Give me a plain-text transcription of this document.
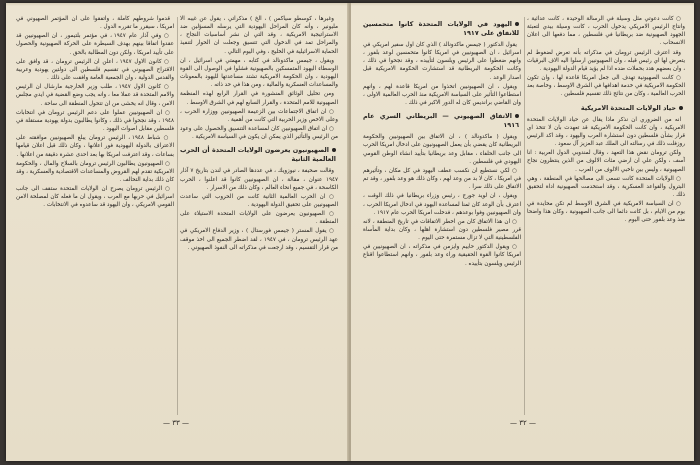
وغيرها ، كوسطو سياكس ) ، الخ ) مذكراتي ، يقول عن غيبه الا مليونير ، وأنه كان المراحل اليهودية التي يرسله المسؤلين ضد الاستراتيجية الامريكية ، وقد التي ان نشر أساسيات النجاح ، والمراحل تمد في الدخول التي تتسيق وجعلت ان الحوار لتنفيذ الحماية الاسرائيلية في الخليج ، وفي اليوم التالي .

ويقول ، جيمس ماكدونالد في كتابه ، مهمتي في اسرائيل ، ان الوسطاء اليهود المتمسكين بالصهيونية فشلوا في الوصول الى القوة اليهودية ، وان الحكومة الامريكية تشتد مساعدتها لليهود بالمعونات والمساعدات العسكرية والمالية ، ومن هذا في حد ذاته .

ومن تحليل الوثائق المنشورة في القرار الرابع لهذه المنظمة الصهيونية للامم المتحدة ، والقرار السابع لهم في الشرق الاوسط .

○ ان اتفاق الاجتماعات بين الزعيمة الصهيونيين ووزارة الحرب ، وعلى الاخص وزير الحربية التي كانت من أهمية .

○ ان اتفاق الصهيونيين كان لمساعدة التنسيق والحصول على وعود من الرئيس والتأثير الذي يمكن ان يكون في السياسة الامريكية .

الصهيونيون يعرضون الولايات المتحدة أن الحرب العالمية الثانية

وقالت صحيفة ، نيوزويك ، في عددها الصادر في لندن بتاريخ ٧ آذار ١٩٤٧ عنوان ، مقالة ، ان الصهيونيين كانوا قد اعلنوا ، الحرب الكاسحة ، في جميع انحاء العالم ، وكان ذلك من الاسرار .

○ ان الحرب العالمية الثانية كانت من الحروب التي ساعدت الصهيونيين على تحقيق الدولة اليهودية .

○ الصهيونيون يعرضون على الولايات المتحدة الاستيلاء على المنطقة .

○ يقول المستر ( جيمس فورستال ) ، وزير الدفاع الامريكي في عهد الرئيس ترومان ، في ١٩٤٧ ، لقد اضطر الجميع الى اخذ موقف من قرار التقسيم ، وقد ارجعت في مذكراته الى النفوذ الصهيوني .

قدموا شروطهم كاملة ، واتفقوا على ان المؤتمر الصهيوني في امريكا ، سيقرر ما تقرره الدول .

○ وفي آذار عام ١٩٤٧ ، في مؤتمر بلتيمور ، ان الصهيونيين قد عقدوا اتفاقا بينهم بهدف السيطرة على الحركة الصهيونية والحصول على تأييد امريكا ، ولكن دون المطالبة بالحق .

○ كانون الاول ١٩٤٧ ، اعلن ان الرئيس ترومان ، قد وافق على الاقتراح الصهيوني في تقسيم فلسطين الى دولتين يهودية وعربية والقدس الدولية ، وان الجمعية العامة وافقت على ذلك .

○ كانون الاول ١٩٤٧ ، طلب وزير الخارجية مارشال ان الرئيس والامم المتحدة قد عملا معا ، وانه يجب وضع القضية في ايدي مجلس الامن ، وقال انه يخشى من ان تتحول المنطقة الى ساحة .

○ ان الصهيونيين عملوا على دعم الرئيس ترومان في انتخابات ١٩٤٨ ، وقد نجحوا في ذلك ، وكانوا يطالبون بدولة يهودية مستقلة في فلسطين مقابل اصوات اليهود .

○ شباط ١٩٤٨ ، الرئيس ترومان يبلغ الصهيونيين موافقته على الاعتراف بالدولة اليهودية فور اعلانها ، وكان ذلك قبل اعلان قيامها بساعات ، وقد اعترفت امريكا بها بعد احدى عشرة دقيقة من اعلانها .

○ الصهيونيون يطالبون الرئيس ترومان بالسلاح والمال ، والحكومة الامريكية تقدم لهم القروض والمساعدات الاقتصادية والعسكرية ، وقد كان ذلك بداية التحالف .

○ الرئيس ترومان يصرح ان الولايات المتحدة ستقف الى جانب اسرائيل في حربها مع العرب ، ويقول ان ما فعله كان لمصلحة الامن القومي الامريكي ، وان اليهود قد ساعدوه في الانتخابات .

— ٣٣ —

○ كانت دعوتي مثل وسيلة في الرسالة الوحيدة ، كانت عدائية ، وانتاج الرئيس الامريكي يدخول الحرب ، كانت وسيلة بيدي لتعبئة الجهود الصهيونية ضد بريطانيا في فلسطين ، مما دفعها الى اعلان الانسحاب .

وقد اعترف الرئيس ترومان في مذكراته بأنه تعرض لضغوط لم يتعرض لها اي رئيس قبله ، وان الصهيونيين ارسلوا اليه الاف البرقيات ، وان بعضهم هدد بحملات ضده اذا لم يؤيد قيام الدولة اليهودية .

○ كانت الصهيونية تهدف الى جعل امريكا قاعدة لها ، وان تكون الحكومة الامريكية في خدمة اهدافها في الشرق الاوسط ، وخاصة بعد الحرب العالمية ، وكان من نتائج ذلك تقسيم فلسطين .

حياد الولايات المتحدة الامريكية

انه من الضروري ان نذكر ماذا يقال عن حياد الولايات المتحدة الامريكية ، وان كانت الحكومة الامريكية قد تعهدت بان لا تتخذ اي قرار بشأن فلسطين دون استشارة العرب واليهود ، وقد اكد الرئيس روزفلت ذلك في رسالته الى الملك عبد العزيز آل سعود .

ولكن ترومان نقض هذا التعهد ، وقال لمندوبي الدول العربية : انا آسف ، ولكن علي ان ارضي مئات الالوف من الذين ينتظرون نجاح الصهيونية ، وليس بين ناخبي الالوف من العرب .

○ الولايات المتحدة كانت تسعى الى مصالحها في المنطقة ، وهي البترول والقواعد العسكرية ، وقد استخدمت الصهيونية اداة لتحقيق ذلك .

○ ان السياسة الامريكية في الشرق الاوسط لم تكن محايدة في يوم من الايام ، بل كانت دائما الى جانب الصهيونية ، وكان هذا واضحا منذ وعد بلفور حتى اليوم .

اليهود في الولايات المتحدة كانوا متحمسين للانفاق على ١٩١٧

يقول الدكتور ( جيمس ماكدونالد ) الذي كان اول سفير امريكي في اسرائيل ، ان الصهيونيين في امريكا كانوا متحمسين لوعد بلفور ، وانهم ضغطوا على الرئيس ويلسون لتأييده ، وقد نجحوا في ذلك ، وكانت الحكومة البريطانية قد استشارت الحكومة الامريكية قبل اصدار الوعد .

ويقول ، ان الصهيونيين اتخذوا من امريكا قاعدة لهم ، وانهم استطاعوا التأثير على السياسة الامريكية منذ الحرب العالمية الاولى ، وان القاضي برانديس كان له الدور الاكبر في ذلك .

الاتفاق الصهيوني — البريطاني السري عام ١٩١٦

ويقول ( ماكدونالد ) ، ان الاتفاق بين الصهيونيين والحكومة البريطانية كان يقضي بأن يعمل الصهيونيون على ادخال امريكا الحرب الى جانب الحلفاء ، مقابل وعد بريطانيا بتأييد انشاء الوطن القومي اليهودي في فلسطين .

○ لكي نستطيع ان نكسب عطف اليهود في كل مكان ، وتأثيرهم في امريكا ، كان لا بد من وعد لهم ، وكان ذلك هو وعد بلفور ، وقد تم الاتفاق على ذلك سرا .

ويقول ، ان لويد جورج ، رئيس وزراء بريطانيا في ذلك الوقت ، اعترف بأن الوعد كان ثمنا لمساعدة اليهود في ادخال امريكا الحرب ، وان الصهيونيين وفوا بوعدهم ، فدخلت امريكا الحرب عام ١٩١٧ .

○ ان هذا الاتفاق كان من اخطر الاتفاقات في تاريخ المنطقة ، لانه قرر مصير فلسطين دون استشارة اهلها ، وكان بداية المأساة الفلسطينية التي لا تزال مستمرة حتى اليوم .

○ ويقول الدكتور حاييم وايزمن في مذكراته ، ان الصهيونيين في امريكا كانوا القوة الحقيقية وراء وعد بلفور ، وانهم استطاعوا اقناع الرئيس ويلسون بتأييده .

— ٣٢ —
